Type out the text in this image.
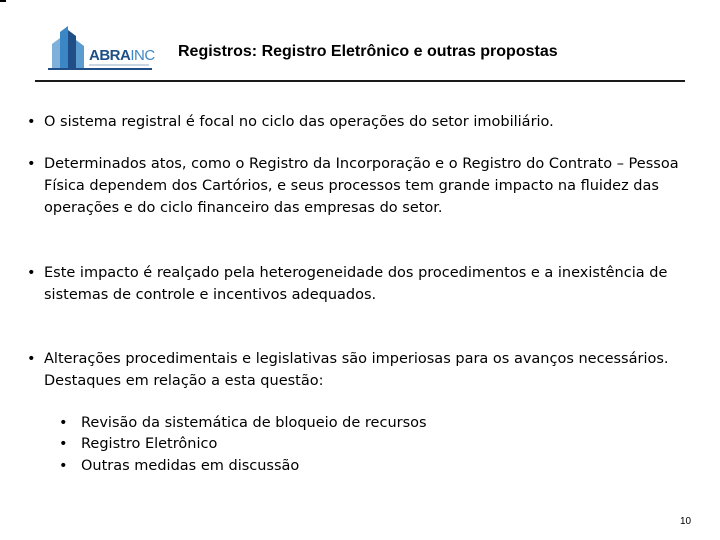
ABRAINC Registros: Registro Eletrônico e outras propostas
• O sistema registral é focal no ciclo das operações do setor imobiliário.
• Determinados atos, como o Registro da Incorporação e o Registro do Contrato – Pessoa
Física dependem dos Cartórios, e seus processos tem grande impacto na fluidez das
operações e do ciclo financeiro das empresas do setor.
• Este impacto é realçado pela heterogeneidade dos procedimentos e a inexistência de
sistemas de controle e incentivos adequados.
• Alterações procedimentais e legislativas são imperiosas para os avanços necessários.
Destaques em relação a esta questão:
• Revisão da sistemática de bloqueio de recursos
• Registro Eletrônico
• Outras medidas em discussão
10
